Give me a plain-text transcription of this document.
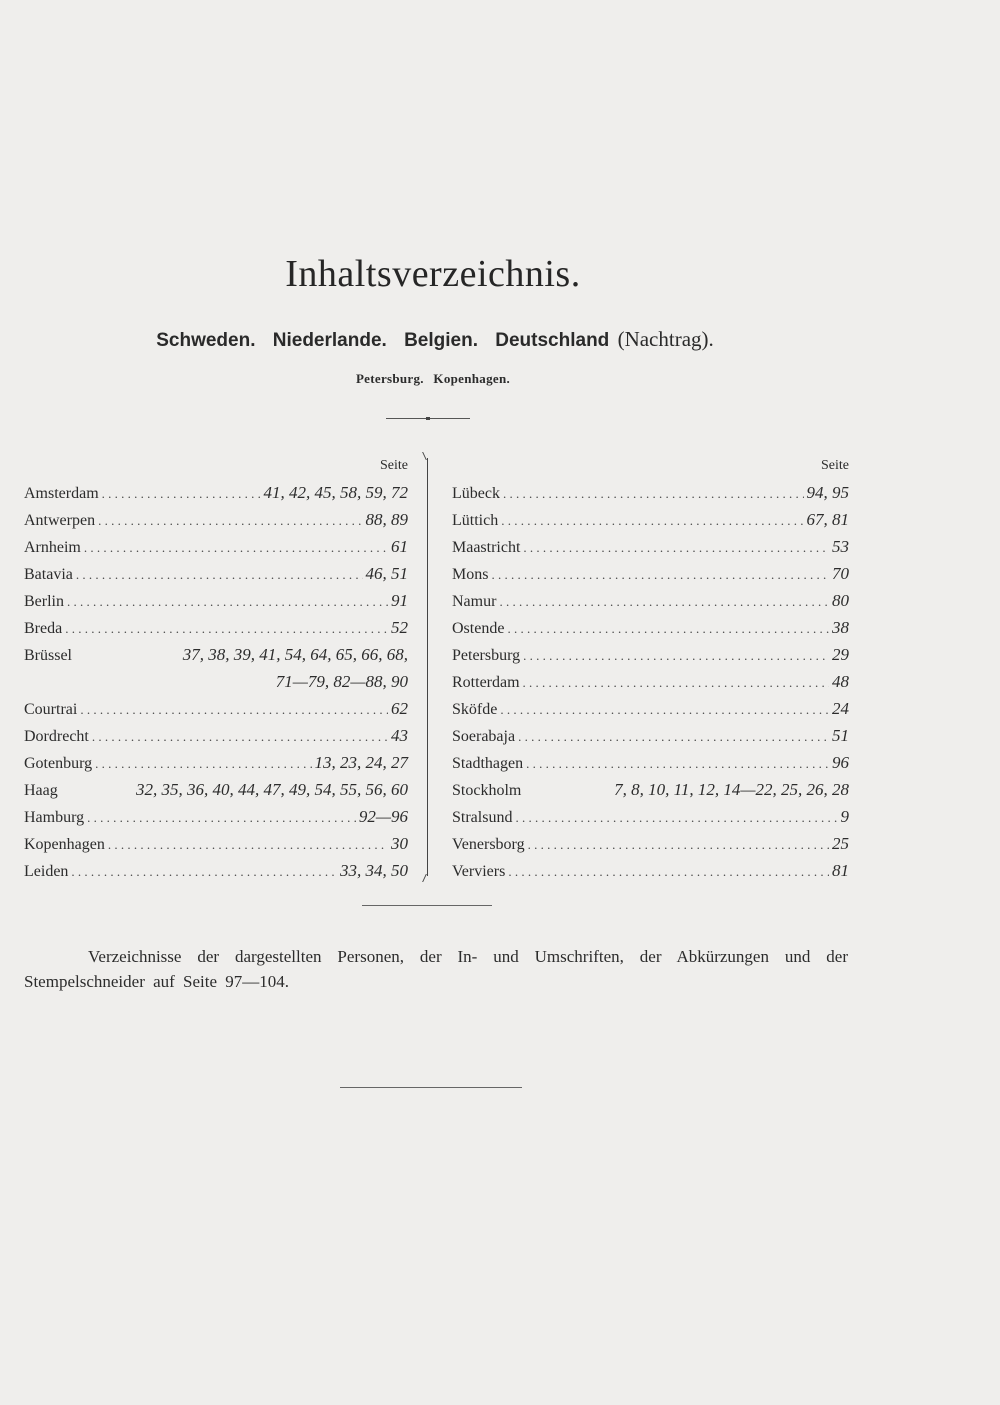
Inhaltsverzeichnis.
Schweden. Niederlande. Belgien. Deutschland (Nachtrag).
Petersburg. Kopenhagen.
Seite
Amsterdam . . .	41, 42, 45, 58, 59, 72
Antwerpen . . .	88, 89
Arnheim . . .	61
Batavia . . .	46, 51
Berlin . . .	91
Breda . . .	52
Brüssel	37, 38, 39, 41, 54, 64, 65, 66, 68,
71—79, 82—88, 90
Courtrai . . .	62
Dordrecht . . .	43
Gotenburg . . .	13, 23, 24, 27
Haag	32, 35, 36, 40, 44, 47, 49, 54, 55, 56, 60
Hamburg . . .	92—96
Kopenhagen . . .	30
Leiden . . .	33, 34, 50
Seite
Lübeck . . .	94, 95
Lüttich . . .	67, 81
Maastricht . . .	53
Mons . . .	70
Namur . . .	80
Ostende . . .	38
Petersburg . . .	29
Rotterdam . . .	48
Sköfde . . .	24
Soerabaja . . .	51
Stadthagen . . .	96
Stockholm	7, 8, 10, 11, 12, 14—22, 25, 26, 28
Stralsund . . .	9
Venersborg . . .	25
Verviers . . .	81
Verzeichnisse der dargestellten Personen, der In- und Umschriften, der Abkürzungen und der Stempelschneider auf Seite 97—104.
